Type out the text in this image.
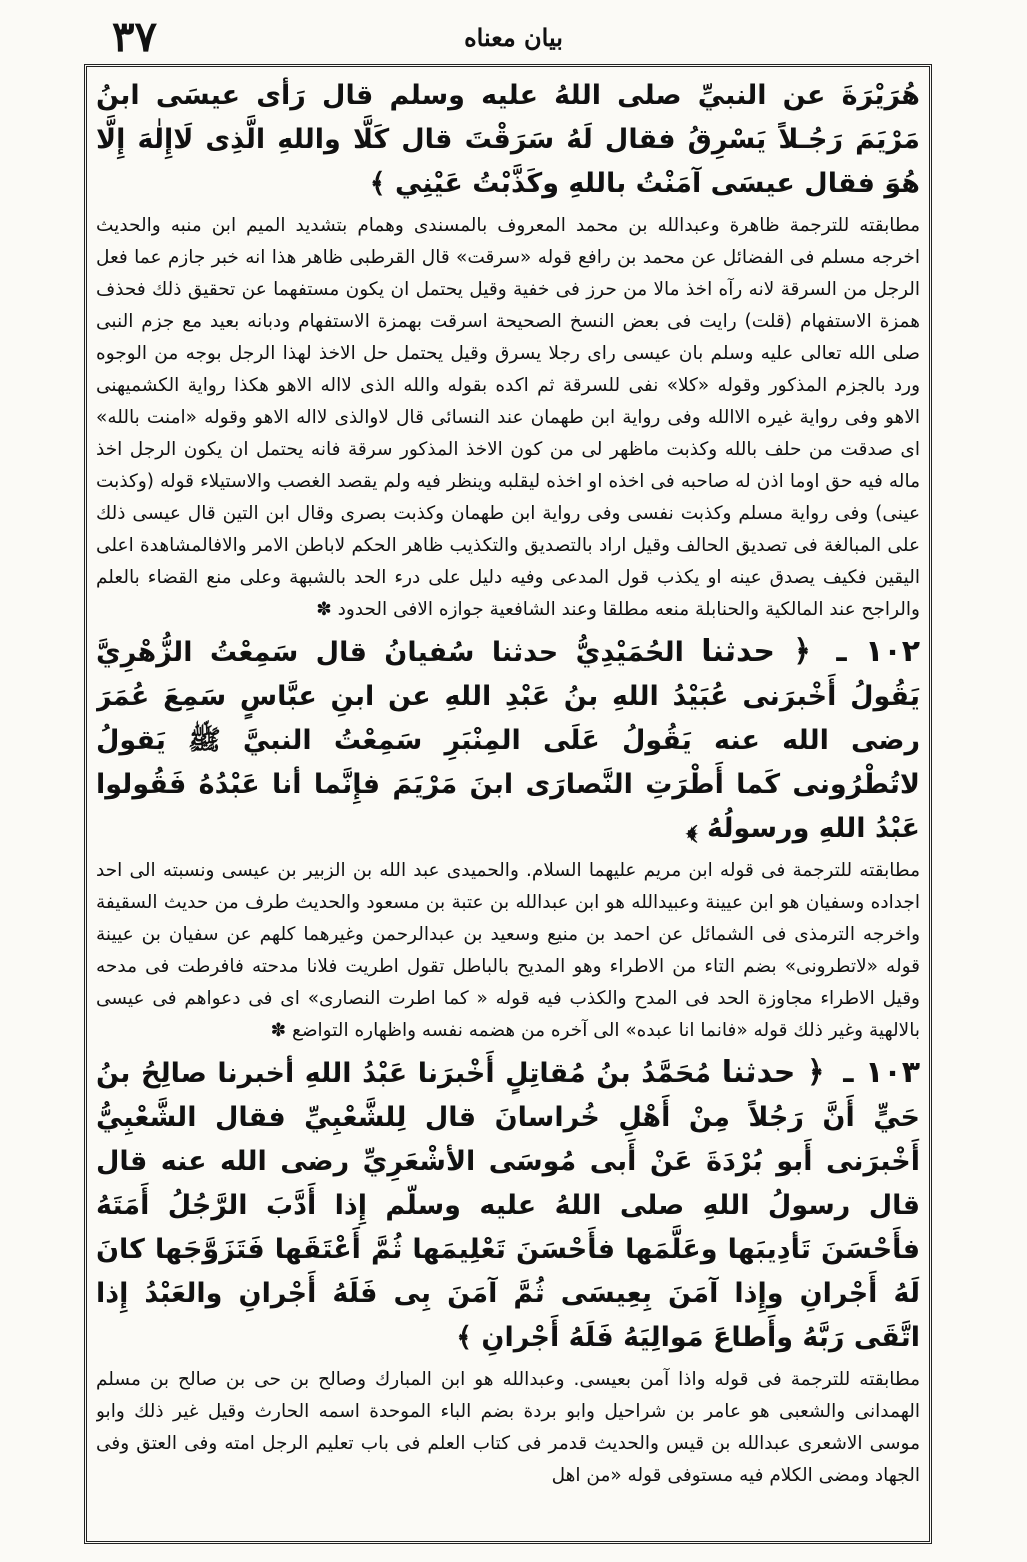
٣٧	بيان معناه

هُرَيْرَةَ عن النبيِّ صلى اللهُ عليه وسلم قال رَأى عيسَى ابنُ مَرْيَمَ رَجُـلاً يَسْرِقُ فقال لَهُ سَرَقْتَ قال كَلَّا واللهِ الَّذِى لَاإِلٰهَ إِلَّا هُوَ فقال عيسَى آمَنْتُ باللهِ وكَذَّبْتُ عَيْنِي ﴾

مطابقته للترجمة ظاهرة وعبدالله بن محمد المعروف بالمسندى وهمام بتشديد الميم ابن منبه والحديث اخرجه مسلم فى الفضائل عن محمد بن رافع قوله «سرقت» قال القرطبى ظاهر هذا انه خبر جازم عما فعل الرجل من السرقة لانه رآه اخذ مالا من حرز فى خفية وقيل يحتمل ان يكون مستفهما عن تحقيق ذلك فحذف همزة الاستفهام (قلت) رايت فى بعض النسخ الصحيحة اسرقت بهمزة الاستفهام ودبانه بعيد مع جزم النبى صلى الله تعالى عليه وسلم بان عيسى راى رجلا يسرق وقيل يحتمل حل الاخذ لهذا الرجل بوجه من الوجوه ورد بالجزم المذكور وقوله «كلا» نفى للسرقة ثم اكده بقوله والله الذى لااله الاهو هكذا رواية الكشميهنى الاهو وفى رواية غيره الاالله وفى رواية ابن طهمان عند النسائى قال لاوالذى لااله الاهو وقوله «امنت بالله» اى صدقت من حلف بالله وكذبت ماظهر لى من كون الاخذ المذكور سرقة فانه يحتمل ان يكون الرجل اخذ ماله فيه حق اوما اذن له صاحبه فى اخذه او اخذه ليقلبه وينظر فيه ولم يقصد الغصب والاستيلاء قوله (وكذبت عينى) وفى رواية مسلم وكذبت نفسى وفى رواية ابن طهمان وكذبت بصرى وقال ابن التين قال عيسى ذلك على المبالغة فى تصديق الحالف وقيل اراد بالتصديق والتكذيب ظاهر الحكم لاباطن الامر والافالمشاهدة اعلى اليقين فكيف يصدق عينه او يكذب قول المدعى وفيه دليل على درء الحد بالشبهة وعلى منع القضاء بالعلم والراجح عند المالكية والحنابلة منعه مطلقا وعند الشافعية جوازه الافى الحدود ✽

١٠٢ ـ ﴿ حدثنا الحُمَيْدِيُّ حدثنا سُفيانُ قال سَمِعْتُ الزُّهْرِيَّ يَقُولُ أَخْبرَنى عُبَيْدُ اللهِ بنُ عَبْدِ اللهِ عن ابنِ عبَّاسٍ سَمِعَ عُمَرَ رضى الله عنه يَقُولُ عَلَى المِنْبَرِ سَمِعْتُ النبيَّ ﷺ يَقولُ لاتُطْرُونى كَما أَطْرَتِ النَّصارَى ابنَ مَرْيَمَ فإِنَّما أنا عَبْدُهُ فَقُولوا عَبْدُ اللهِ ورسولُهُ ﴾

مطابقته للترجمة فى قوله ابن مريم عليهما السلام. والحميدى عبد الله بن الزبير بن عيسى ونسبته الى احد اجداده وسفيان هو ابن عيينة وعبيدالله هو ابن عبدالله بن عتبة بن مسعود والحديث طرف من حديث السقيفة واخرجه الترمذى فى الشمائل عن احمد بن منيع وسعيد بن عبدالرحمن وغيرهما كلهم عن سفيان بن عيينة قوله «لاتطرونى» بضم التاء من الاطراء وهو المديح بالباطل تقول اطريت فلانا مدحته فافرطت فى مدحه وقيل الاطراء مجاوزة الحد فى المدح والكذب فيه قوله « كما اطرت النصارى» اى فى دعواهم فى عيسى بالالهية وغير ذلك قوله «فانما انا عبده» الى آخره من هضمه نفسه واظهاره التواضع ✽

١٠٣ ـ ﴿ حدثنا مُحَمَّدُ بنُ مُقاتِلٍ أَخْبرَنا عَبْدُ اللهِ أخبرنا صالِحُ بنُ حَيٍّ أَنَّ رَجُلاً مِنْ أَهْلِ خُراسانَ قال لِلشَّعْبِيِّ فقال الشَّعْبِيُّ أَخْبرَنى أَبو بُرْدَةَ عَنْ أَبى مُوسَى الأشْعَرِيِّ رضى الله عنه قال قال رسولُ اللهِ صلى اللهُ عليه وسلّم إِذا أَدَّبَ الرَّجُلُ أَمَتَهُ فأَحْسَنَ تَأدِيبَها وعَلَّمَها فأَحْسَنَ تَعْلِيمَها ثُمَّ أَعْتَقَها فَتَزَوَّجَها كانَ لَهُ أَجْرانِ وإِذا آمَنَ بِعِيسَى ثُمَّ آمَنَ بِى فَلَهُ أَجْرانِ والعَبْدُ إِذا اتَّقَى رَبَّهُ وأَطاعَ مَوالِيَهُ فَلَهُ أَجْرانِ ﴾

مطابقته للترجمة فى قوله واذا آمن بعيسى. وعبدالله هو ابن المبارك وصالح بن حى بن صالح بن مسلم الهمدانى والشعبى هو عامر بن شراحيل وابو بردة بضم الباء الموحدة اسمه الحارث وقيل غير ذلك وابو موسى الاشعرى عبدالله بن قيس والحديث قدمر فى كتاب العلم فى باب تعليم الرجل امته وفى العتق وفى الجهاد ومضى الكلام فيه مستوفى قوله «من اهل
